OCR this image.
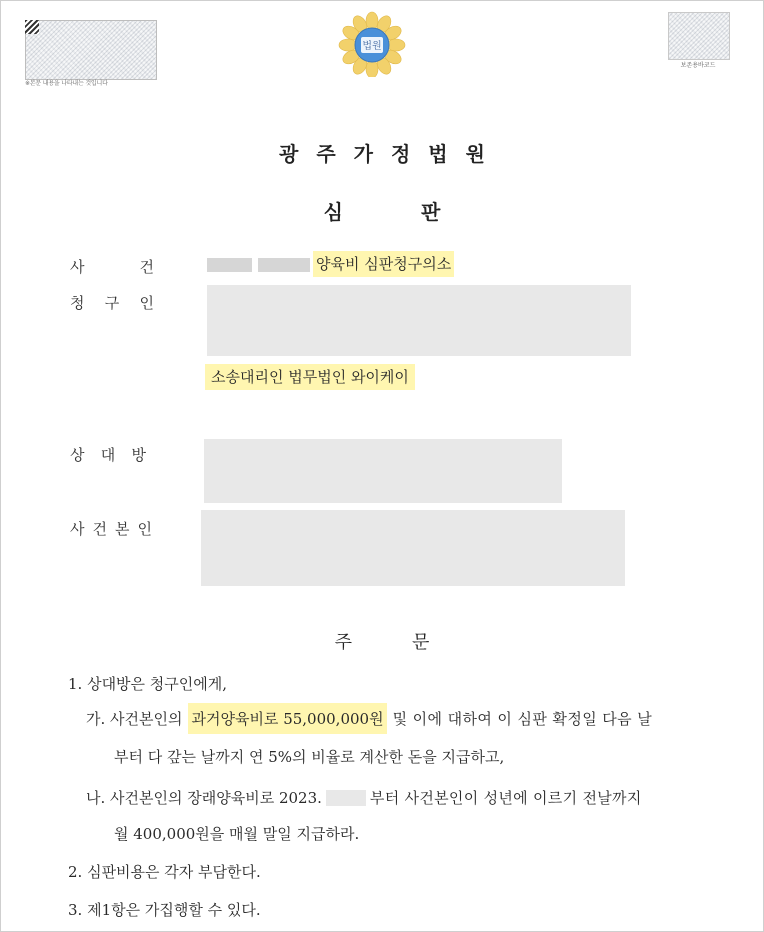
※본문 내용을 나타내는 것입니다
보존용바코드
법원
광주가정법원
심판
사	건	양육비 심판청구의소
청 구 인
소송대리인 법무법인 와이케이
상 대 방
사 건 본 인
주문
1. 상대방은 청구인에게,
가. 사건본인의 과거양육비로 55,000,000원 및 이에 대하여 이 심판 확정일 다음 날
부터 다 갚는 날까지 연 5%의 비율로 계산한 돈을 지급하고,
나. 사건본인의 장래양육비로 2023.	부터 사건본인이 성년에 이르기 전날까지
월 400,000원을 매월 말일 지급하라.
2. 심판비용은 각자 부담한다.
3. 제1항은 가집행할 수 있다.
